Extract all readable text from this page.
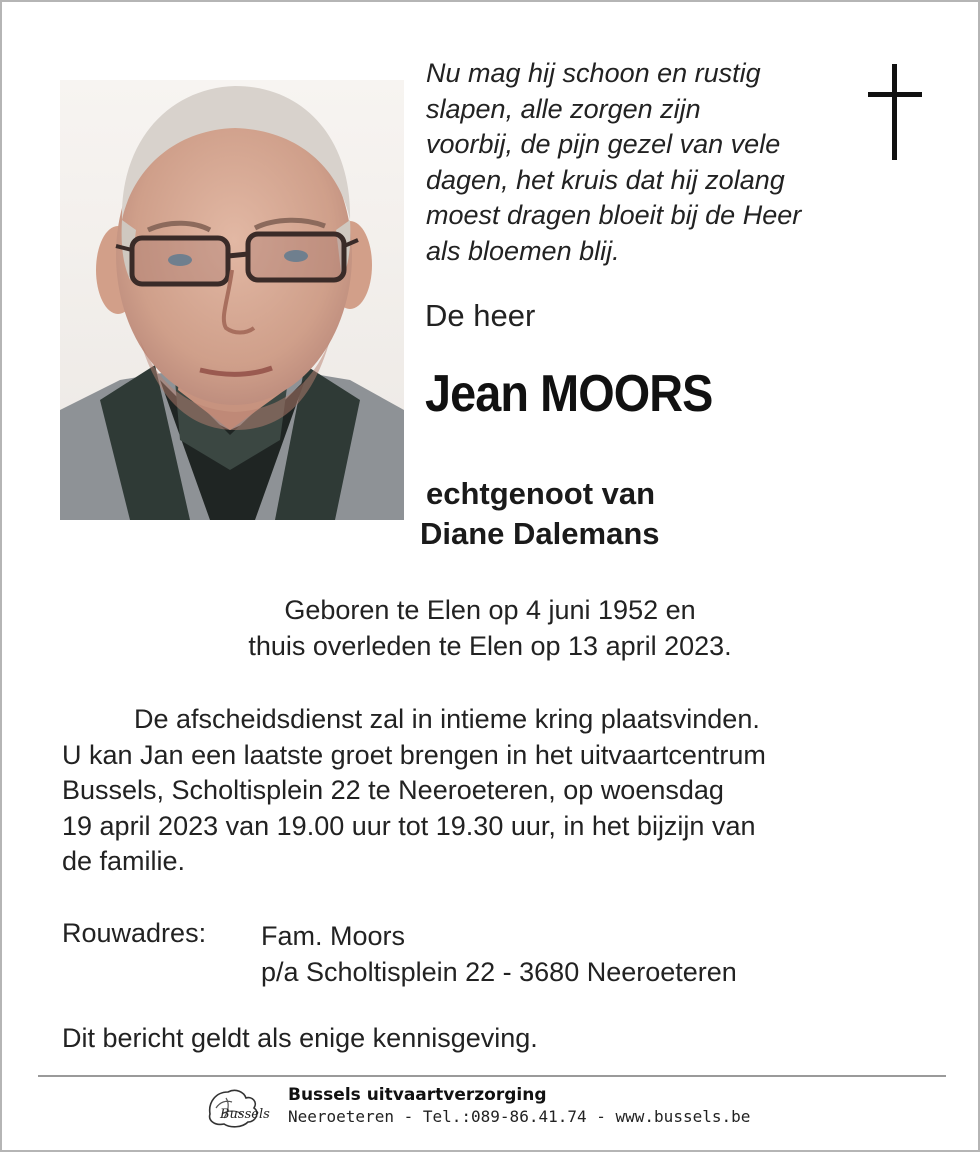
Nu mag hij schoon en rustig
slapen, alle zorgen zijn
voorbij, de pijn gezel van vele
dagen, het kruis dat hij zolang
moest dragen bloeit bij de Heer
als bloemen blij.
De heer
Jean MOORS
echtgenoot van
Diane Dalemans
Geboren te Elen op 4 juni 1952 en
thuis overleden te Elen op 13 april 2023.
De afscheidsdienst zal in intieme kring plaatsvinden.
U kan Jan een laatste groet brengen in het uitvaartcentrum
Bussels, Scholtisplein 22 te Neeroeteren, op woensdag
19 april 2023 van 19.00 uur tot 19.30 uur, in het bijzijn van
de familie.
Rouwadres: Fam. Moors
p/a Scholtisplein 22 - 3680 Neeroeteren
Dit bericht geldt als enige kennisgeving.
Bussels
Bussels uitvaartverzorging
Neeroeteren - Tel.:089-86.41.74 - www.bussels.be
